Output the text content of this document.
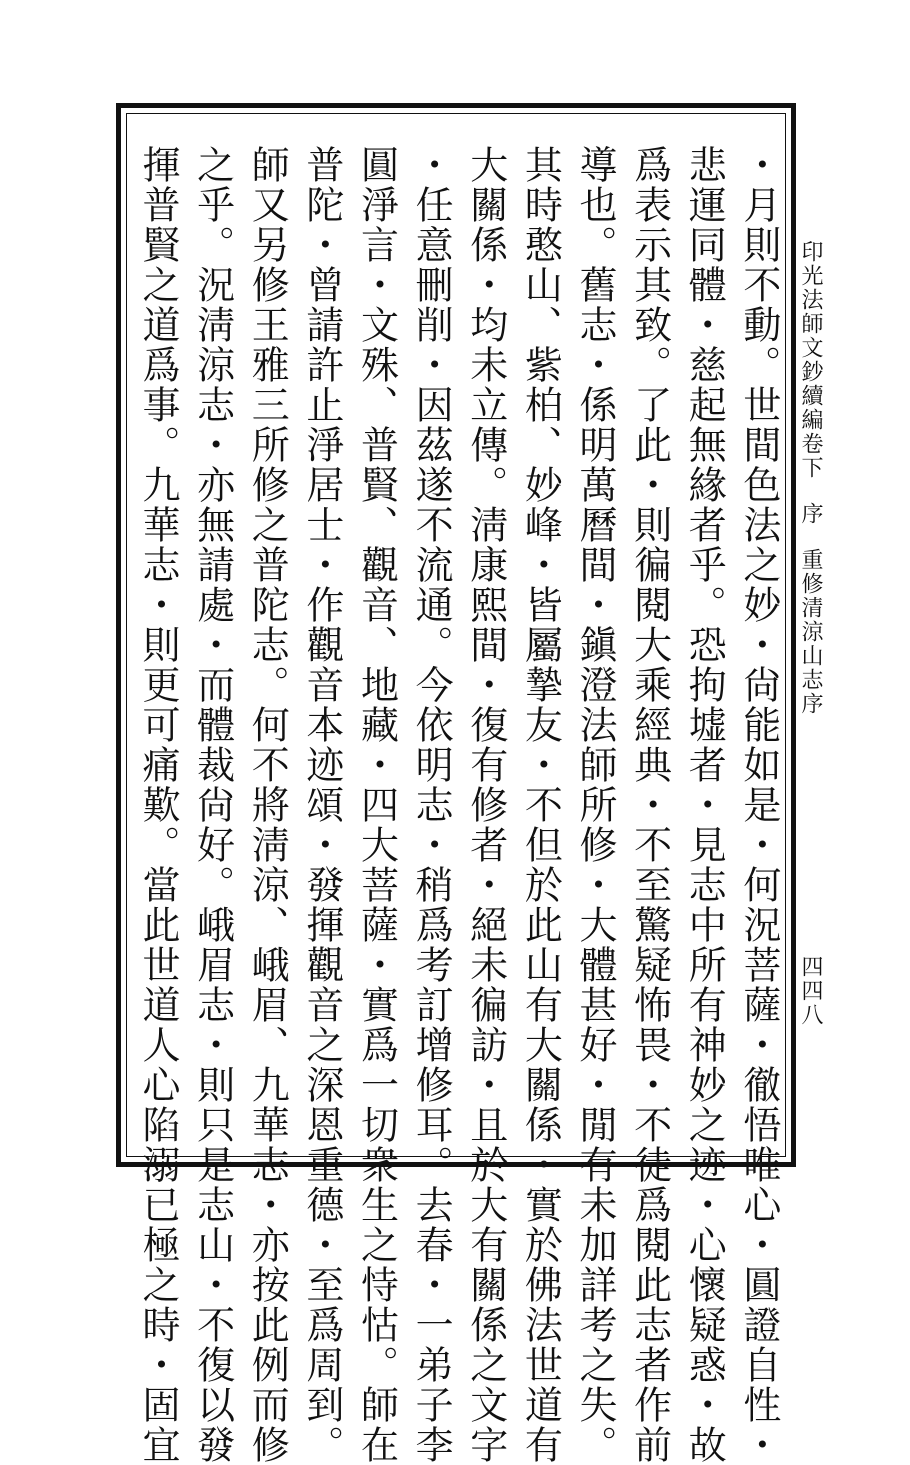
印光法師文鈔續編卷下序重修清涼山志序
四四八
・月則不動。世間色法之妙・尙能如是・何況菩薩・徹悟唯心・圓證自性・
悲運同體・慈起無緣者乎。恐拘墟者・見志中所有神妙之迹・心懷疑惑・故
爲表示其致。了此・則徧閱大乘經典・不至驚疑怖畏・不徒爲閱此志者作前
導也。舊志・係明萬曆間・鎭澄法師所修・大體甚好・閒有未加詳考之失。
其時憨山、紫柏、妙峰・皆屬摯友・不但於此山有大關係・實於佛法世道有
大關係・均未立傳。淸康熙間・復有修者・絕未徧訪・且於大有關係之文字
・任意刪削・因茲遂不流通。今依明志・稍爲考訂增修耳。去春・一弟子李
圓淨言・文殊、普賢、觀音、地藏・四大菩薩・實爲一切衆生之恃怙。師在
普陀・曾請許止淨居士・作觀音本迹頌・發揮觀音之深恩重德・至爲周到。
師又另修王雅三所修之普陀志。何不將淸涼、峨眉、九華志・亦按此例而修
之乎。況淸涼志・亦無請處・而體裁尙好。峨眉志・則只是志山・不復以發
揮普賢之道爲事。九華志・則更可痛歎。當此世道人心陷溺已極之時・固宜
